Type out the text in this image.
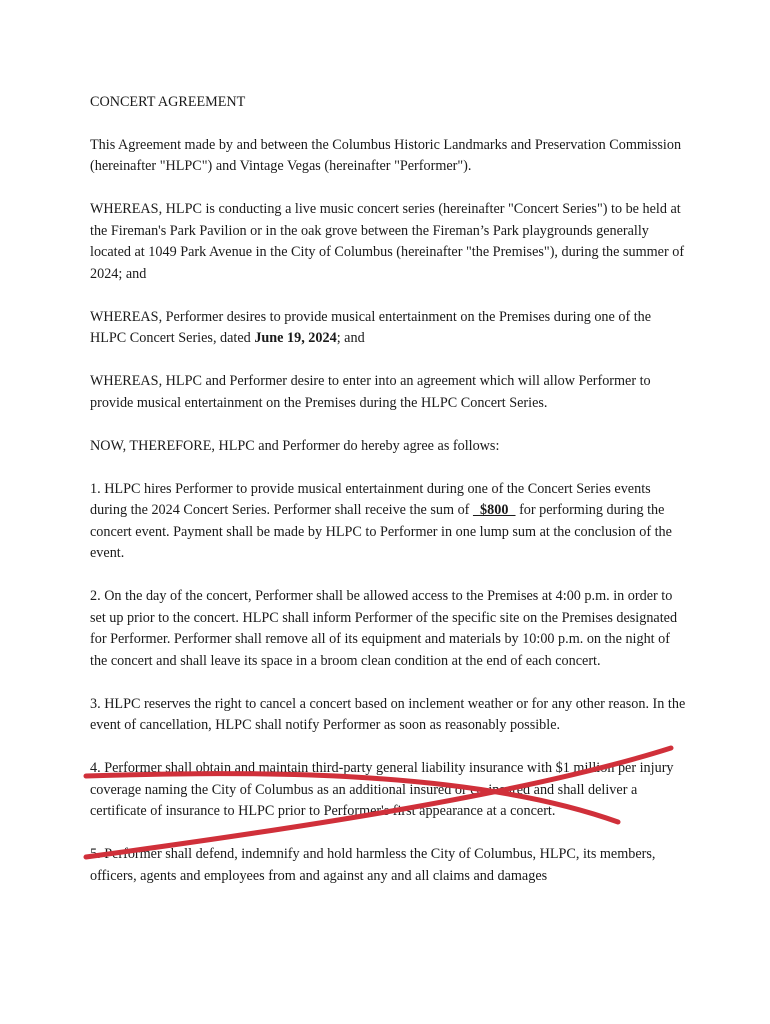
CONCERT AGREEMENT

This Agreement made by and between the Columbus Historic Landmarks and Preservation Commission (hereinafter "HLPC") and Vintage Vegas (hereinafter "Performer").

WHEREAS, HLPC is conducting a live music concert series (hereinafter "Concert Series") to be held at the Fireman's Park Pavilion or in the oak grove between the Fireman’s Park playgrounds generally located at 1049 Park Avenue in the City of Columbus (hereinafter "the Premises"), during the summer of 2024; and

WHEREAS, Performer desires to provide musical entertainment on the Premises during one of the HLPC Concert Series, dated June 19, 2024; and

WHEREAS, HLPC and Performer desire to enter into an agreement which will allow Performer to provide musical entertainment on the Premises during the HLPC Concert Series.

NOW, THEREFORE, HLPC and Performer do hereby agree as follows:

1. HLPC hires Performer to provide musical entertainment during one of the Concert Series events during the 2024 Concert Series. Performer shall receive the sum of   $800   for performing during the concert event. Payment shall be made by HLPC to Performer in one lump sum at the conclusion of the event.

2. On the day of the concert, Performer shall be allowed access to the Premises at 4:00 p.m. in order to set up prior to the concert. HLPC shall inform Performer of the specific site on the Premises designated for Performer. Performer shall remove all of its equipment and materials by 10:00 p.m. on the night of the concert and shall leave its space in a broom clean condition at the end of each concert.

3. HLPC reserves the right to cancel a concert based on inclement weather or for any other reason. In the event of cancellation, HLPC shall notify Performer as soon as reasonably possible.

4. Performer shall obtain and maintain third-party general liability insurance with $1 million per injury coverage naming the City of Columbus as an additional insured or co-insured and shall deliver a certificate of insurance to HLPC prior to Performer's first appearance at a concert.

5. Performer shall defend, indemnify and hold harmless the City of Columbus, HLPC, its members, officers, agents and employees from and against any and all claims and damages
